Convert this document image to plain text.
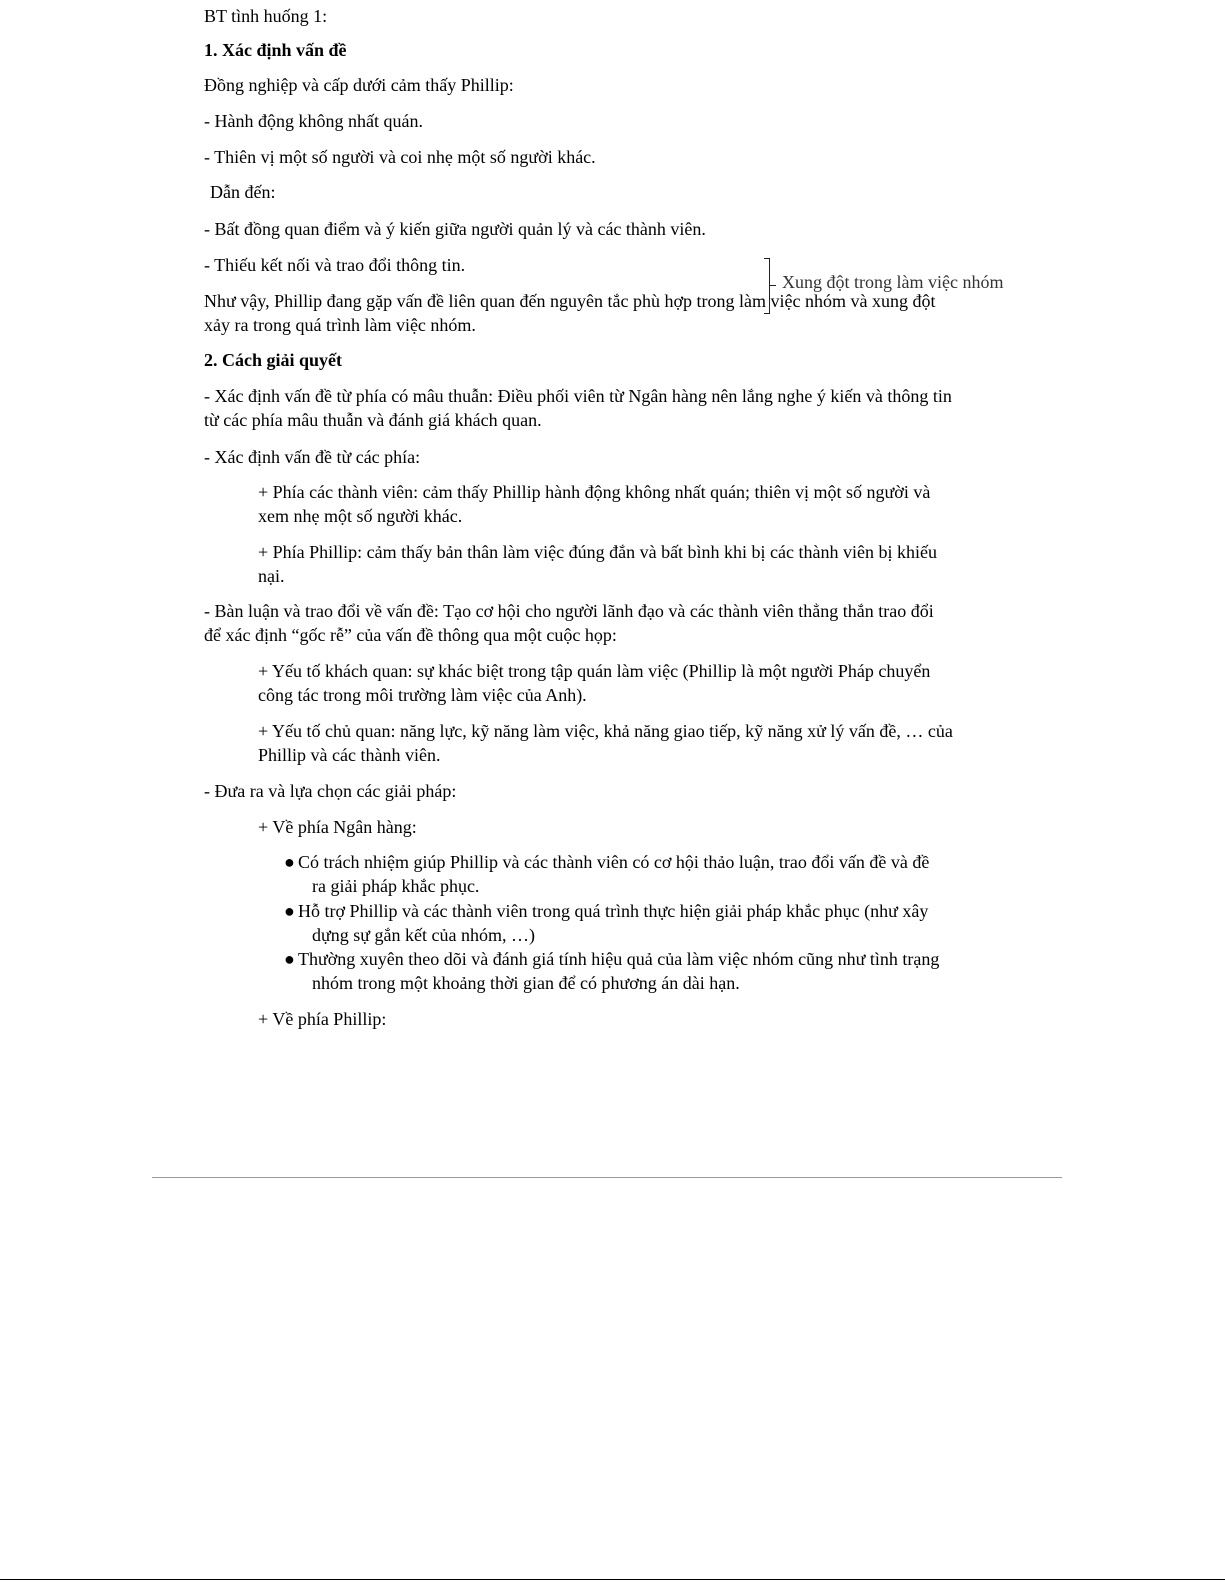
BT tình huống 1:

1. Xác định vấn đề

Đồng nghiệp và cấp dưới cảm thấy Phillip:

- Hành động không nhất quán.

- Thiên vị một số người và coi nhẹ một số người khác.

Dẫn đến:

- Bất đồng quan điểm và ý kiến giữa người quản lý và các thành viên.

- Thiếu kết nối và trao đổi thông tin.

Xung đột trong làm việc nhóm

Như vậy, Phillip đang gặp vấn đề liên quan đến nguyên tắc phù hợp trong làm việc nhóm và xung đột

xảy ra trong quá trình làm việc nhóm.

2. Cách giải quyết

- Xác định vấn đề từ phía có mâu thuẫn: Điều phối viên từ Ngân hàng nên lắng nghe ý kiến và thông tin

từ các phía mâu thuẫn và đánh giá khách quan.

- Xác định vấn đề từ các phía:

+ Phía các thành viên: cảm thấy Phillip hành động không nhất quán; thiên vị một số người và

xem nhẹ một số người khác.

+ Phía Phillip: cảm thấy bản thân làm việc đúng đắn và bất bình khi bị các thành viên bị khiếu

nại.

- Bàn luận và trao đổi về vấn đề: Tạo cơ hội cho người lãnh đạo và các thành viên thẳng thắn trao đổi

để xác định “gốc rễ” của vấn đề thông qua một cuộc họp:

+ Yếu tố khách quan: sự khác biệt trong tập quán làm việc (Phillip là một người Pháp chuyển

công tác trong môi trường làm việc của Anh).

+ Yếu tố chủ quan: năng lực, kỹ năng làm việc, khả năng giao tiếp, kỹ năng xử lý vấn đề, … của

Phillip và các thành viên.

- Đưa ra và lựa chọn các giải pháp:

+ Về phía Ngân hàng:

● Có trách nhiệm giúp Phillip và các thành viên có cơ hội thảo luận, trao đổi vấn đề và đề

ra giải pháp khắc phục.

● Hỗ trợ Phillip và các thành viên trong quá trình thực hiện giải pháp khắc phục (như xây

dựng sự gắn kết của nhóm, …)

● Thường xuyên theo dõi và đánh giá tính hiệu quả của làm việc nhóm cũng như tình trạng

nhóm trong một khoảng thời gian để có phương án dài hạn.

+ Về phía Phillip:
